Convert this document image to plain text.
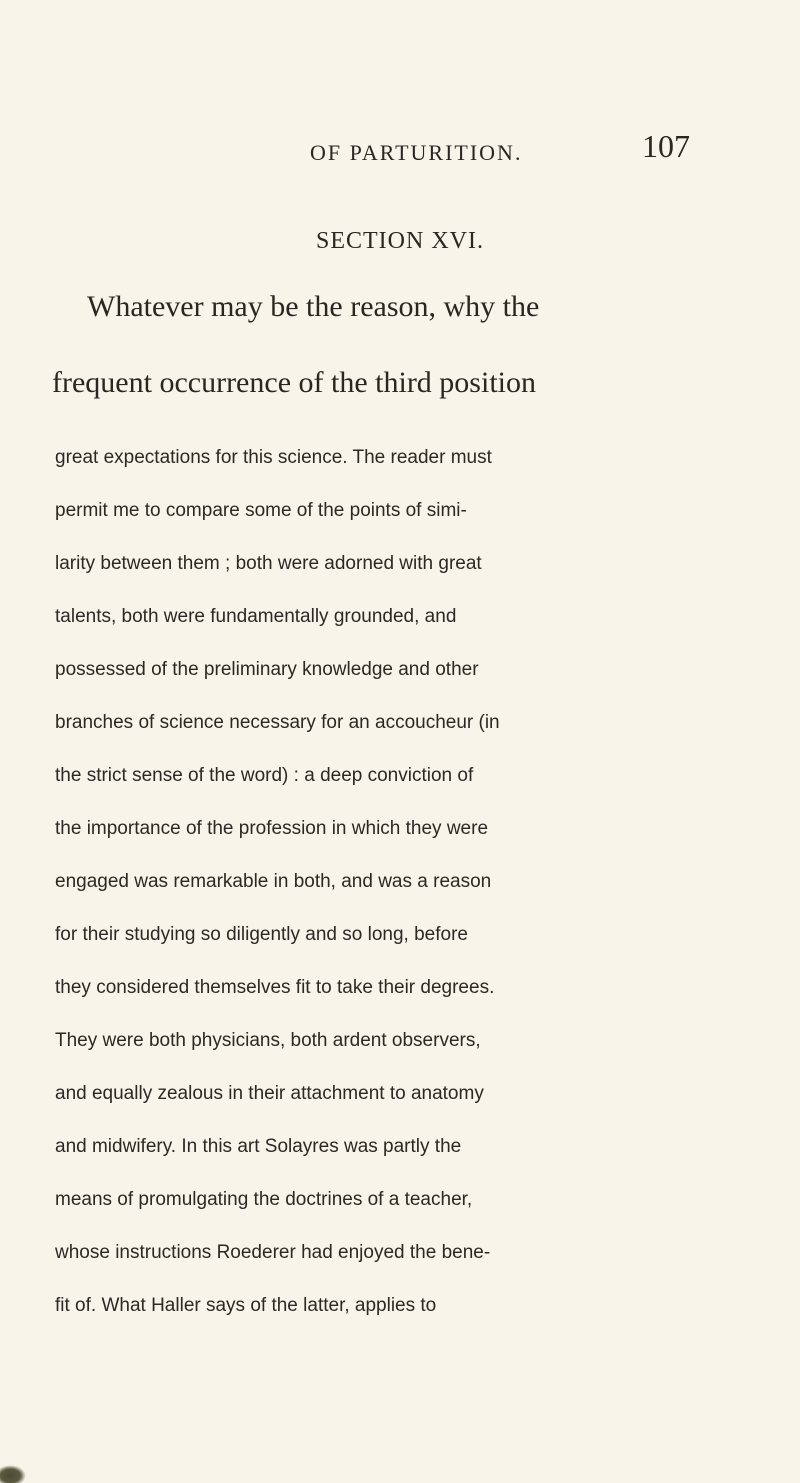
OF PARTURITION.	107
SECTION XVI.
Whatever may be the reason, why the
frequent occurrence of the third position
great expectations for this science. The reader must
permit me to compare some of the points of simi-
larity between them ; both were adorned with great
talents, both were fundamentally grounded, and
possessed of the preliminary knowledge and other
branches of science necessary for an accoucheur (in
the strict sense of the word) : a deep conviction of
the importance of the profession in which they were
engaged was remarkable in both, and was a reason
for their studying so diligently and so long, before
they considered themselves fit to take their degrees.
They were both physicians, both ardent observers,
and equally zealous in their attachment to anatomy
and midwifery. In this art Solayres was partly the
means of promulgating the doctrines of a teacher,
whose instructions Roederer had enjoyed the bene-
fit of. What Haller says of the latter, applies to
